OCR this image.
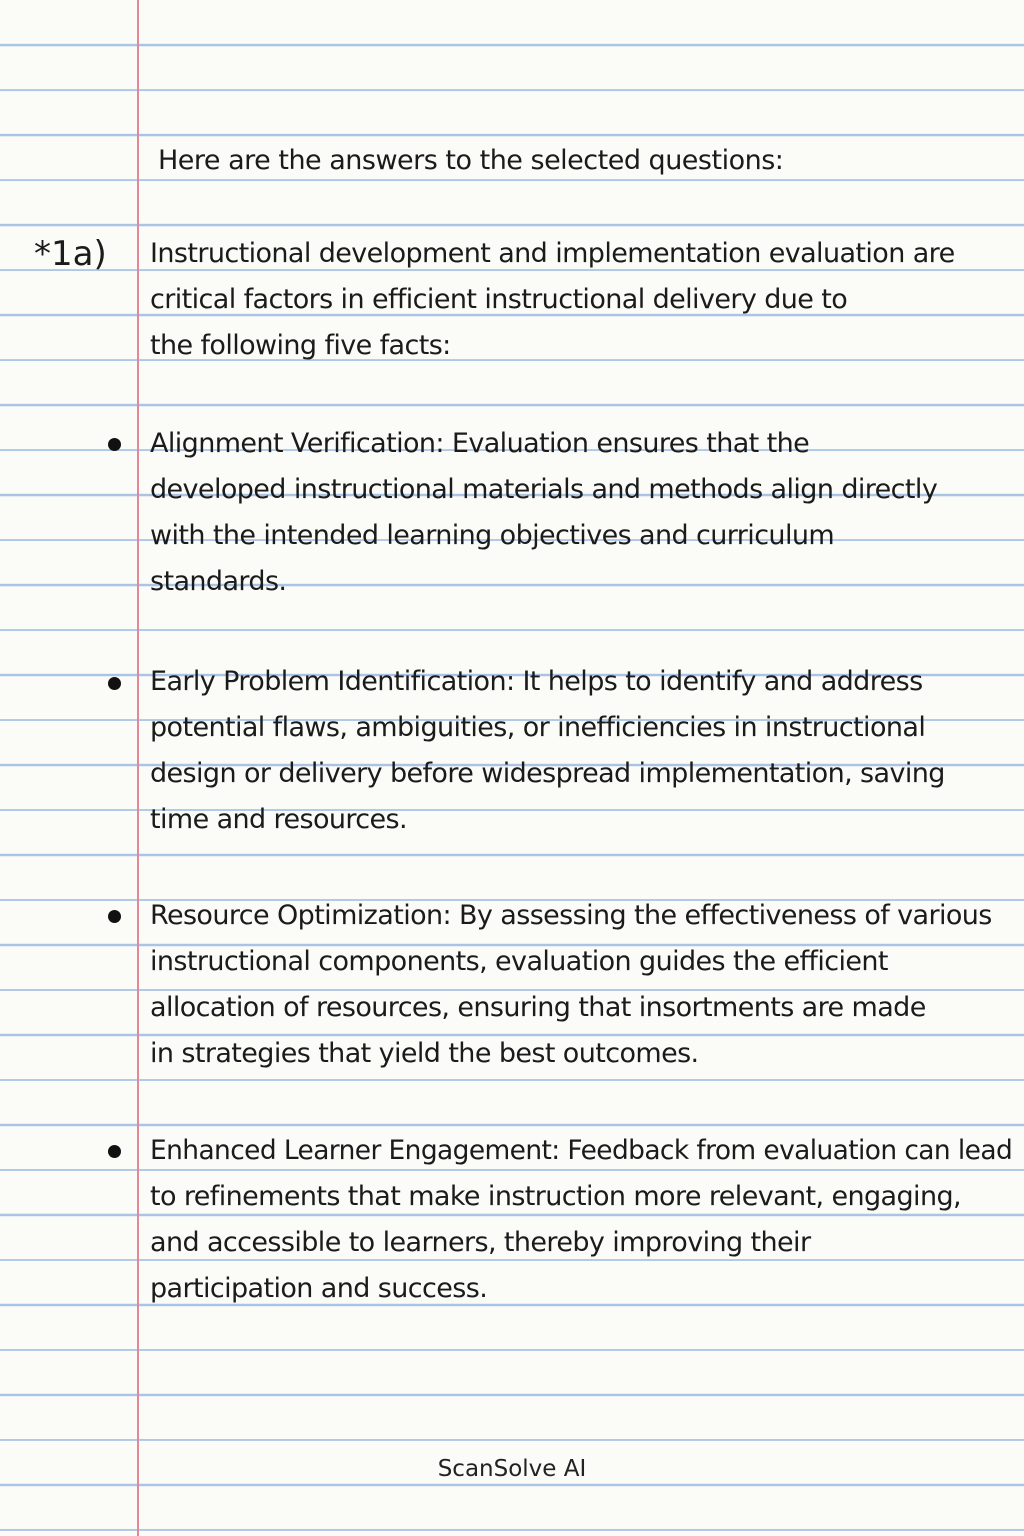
Here are the answers to the selected questions:
*1a) Instructional development and implementation evaluation are
critical factors in efficient instructional delivery due to
the following five facts:
Alignment Verification: Evaluation ensures that the
developed instructional materials and methods align directly
with the intended learning objectives and curriculum
standards.
Early Problem Identification: It helps to identify and address
potential flaws, ambiguities, or inefficiencies in instructional
design or delivery before widespread implementation, saving
time and resources.
Resource Optimization: By assessing the effectiveness of various
instructional components, evaluation guides the efficient
allocation of resources, ensuring that insortments are made
in strategies that yield the best outcomes.
Enhanced Learner Engagement: Feedback from evaluation can lead
to refinements that make instruction more relevant, engaging,
and accessible to learners, thereby improving their
participation and success.
ScanSolve AI
